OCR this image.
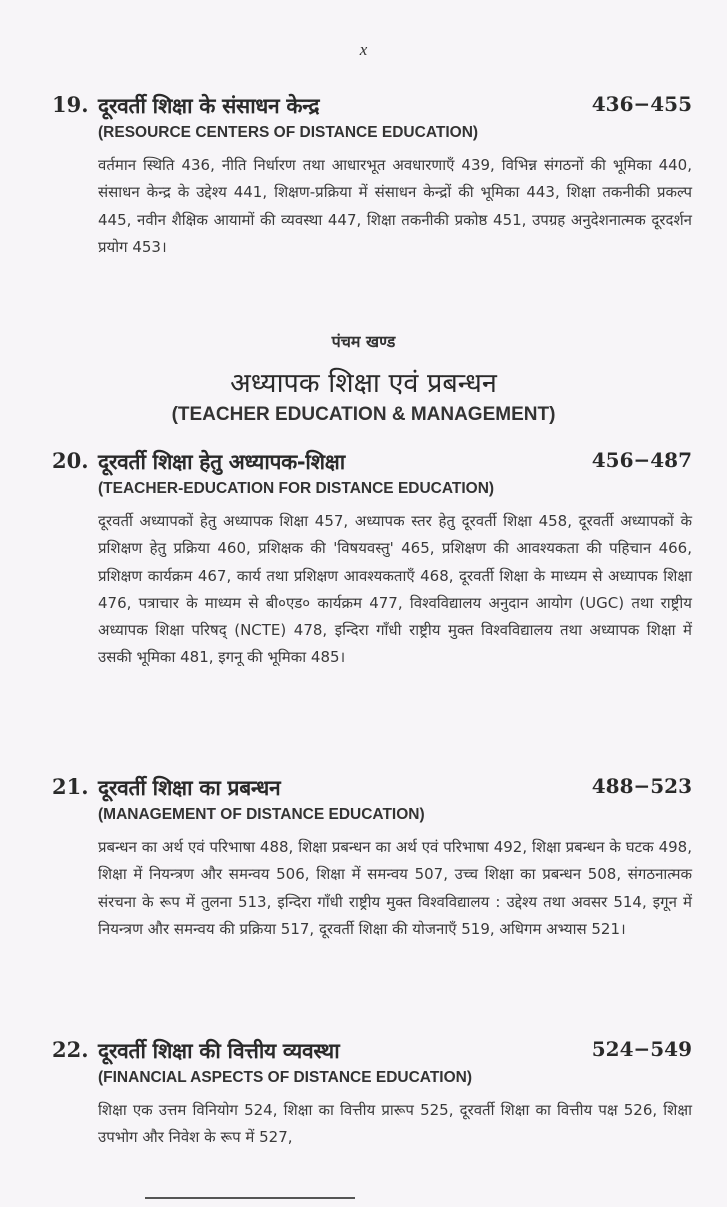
x
19. दूरवर्ती शिक्षा के संसाधन केन्द्र	436−455
(RESOURCE CENTERS OF DISTANCE EDUCATION)
वर्तमान स्थिति 436, नीति निर्धारण तथा आधारभूत अवधारणाएँ 439, विभिन्न संगठनों की भूमिका 440, संसाधन केन्द्र के उद्देश्य 441, शिक्षण-प्रक्रिया में संसाधन केन्द्रों की भूमिका 443, शिक्षा तकनीकी प्रकल्प 445, नवीन शैक्षिक आयामों की व्यवस्था 447, शिक्षा तकनीकी प्रकोष्ठ 451, उपग्रह अनुदेशनात्मक दूरदर्शन प्रयोग 453।
पंचम खण्ड
अध्यापक शिक्षा एवं प्रबन्धन
(TEACHER EDUCATION & MANAGEMENT)
20. दूरवर्ती शिक्षा हेतु अध्यापक-शिक्षा	456−487
(TEACHER-EDUCATION FOR DISTANCE EDUCATION)
दूरवर्ती अध्यापकों हेतु अध्यापक शिक्षा 457, अध्यापक स्तर हेतु दूरवर्ती शिक्षा 458, दूरवर्ती अध्यापकों के प्रशिक्षण हेतु प्रक्रिया 460, प्रशिक्षक की 'विषयवस्तु' 465, प्रशिक्षण की आवश्यकता की पहिचान 466, प्रशिक्षण कार्यक्रम 467, कार्य तथा प्रशिक्षण आवश्यकताएँ 468, दूरवर्ती शिक्षा के माध्यम से अध्यापक शिक्षा 476, पत्राचार के माध्यम से बी०एड० कार्यक्रम 477, विश्वविद्यालय अनुदान आयोग (UGC) तथा राष्ट्रीय अध्यापक शिक्षा परिषद् (NCTE) 478, इन्दिरा गाँधी राष्ट्रीय मुक्त विश्वविद्यालय तथा अध्यापक शिक्षा में उसकी भूमिका 481, इगनू की भूमिका 485।
21. दूरवर्ती शिक्षा का प्रबन्धन	488−523
(MANAGEMENT OF DISTANCE EDUCATION)
प्रबन्धन का अर्थ एवं परिभाषा 488, शिक्षा प्रबन्धन का अर्थ एवं परिभाषा 492, शिक्षा प्रबन्धन के घटक 498, शिक्षा में नियन्त्रण और समन्वय 506, शिक्षा में समन्वय 507, उच्च शिक्षा का प्रबन्धन 508, संगठनात्मक संरचना के रूप में तुलना 513, इन्दिरा गाँधी राष्ट्रीय मुक्त विश्वविद्यालय : उद्देश्य तथा अवसर 514, इगून में नियन्त्रण और समन्वय की प्रक्रिया 517, दूरवर्ती शिक्षा की योजनाएँ 519, अधिगम अभ्यास 521।
22. दूरवर्ती शिक्षा की वित्तीय व्यवस्था	524−549
(FINANCIAL ASPECTS OF DISTANCE EDUCATION)
शिक्षा एक उत्तम विनियोग 524, शिक्षा का वित्तीय प्रारूप 525, दूरवर्ती शिक्षा का वित्तीय पक्ष 526, शिक्षा उपभोग और निवेश के रूप में 527,
